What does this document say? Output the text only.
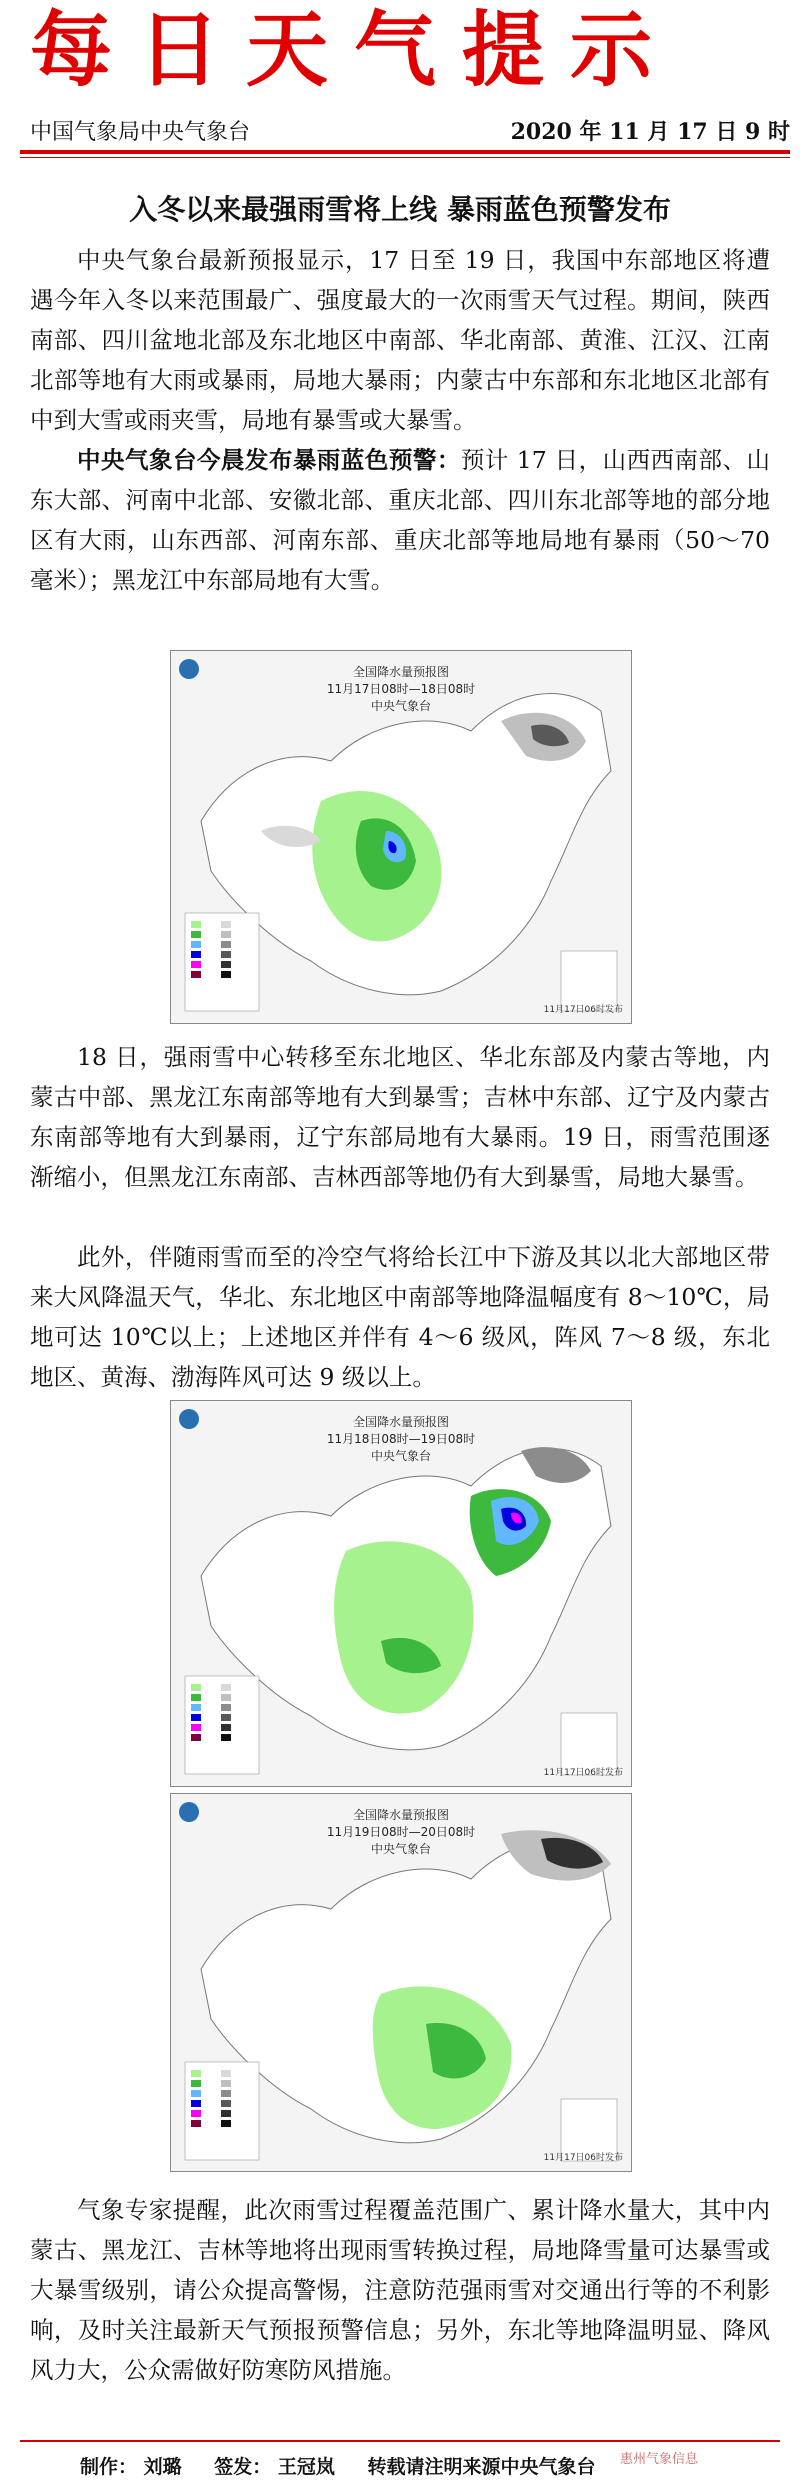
每日天气提示
中国气象局中央气象台	2020 年 11 月 17 日 9 时
入冬以来最强雨雪将上线 暴雨蓝色预警发布
中央气象台最新预报显示，17 日至 19 日，我国中东部地区将遭遇今年入冬以来范围最广、强度最大的一次雨雪天气过程。期间，陕西南部、四川盆地北部及东北地区中南部、华北南部、黄淮、江汉、江南北部等地有大雨或暴雨，局地大暴雨；内蒙古中东部和东北地区北部有中到大雪或雨夹雪，局地有暴雪或大暴雪。
中央气象台今晨发布暴雨蓝色预警：预计 17 日，山西西南部、山东大部、河南中北部、安徽北部、重庆北部、四川东北部等地的部分地区有大雨，山东西部、河南东部、重庆北部等地局地有暴雨（50～70 毫米）；黑龙江中东部局地有大雪。
全国降水量预报图
11月17日08时—18日08时
中央气象台
11月17日06时发布
18 日，强雨雪中心转移至东北地区、华北东部及内蒙古等地，内蒙古中部、黑龙江东南部等地有大到暴雪；吉林中东部、辽宁及内蒙古东南部等地有大到暴雨，辽宁东部局地有大暴雨。19 日，雨雪范围逐渐缩小，但黑龙江东南部、吉林西部等地仍有大到暴雪，局地大暴雪。
此外，伴随雨雪而至的冷空气将给长江中下游及其以北大部地区带来大风降温天气，华北、东北地区中南部等地降温幅度有 8～10℃，局地可达 10℃以上；上述地区并伴有 4～6 级风，阵风 7～8 级，东北地区、黄海、渤海阵风可达 9 级以上。
全国降水量预报图
11月18日08时—19日08时
中央气象台
11月17日06时发布
全国降水量预报图
11月19日08时—20日08时
中央气象台
11月17日06时发布
气象专家提醒，此次雨雪过程覆盖范围广、累计降水量大，其中内蒙古、黑龙江、吉林等地将出现雨雪转换过程，局地降雪量可达暴雪或大暴雪级别，请公众提高警惕，注意防范强雨雪对交通出行等的不利影响，及时关注最新天气预报预警信息；另外，东北等地降温明显、降风风力大，公众需做好防寒防风措施。
制作： 刘璐 签发： 王冠岚 转载请注明来源中央气象台	惠州气象信息
